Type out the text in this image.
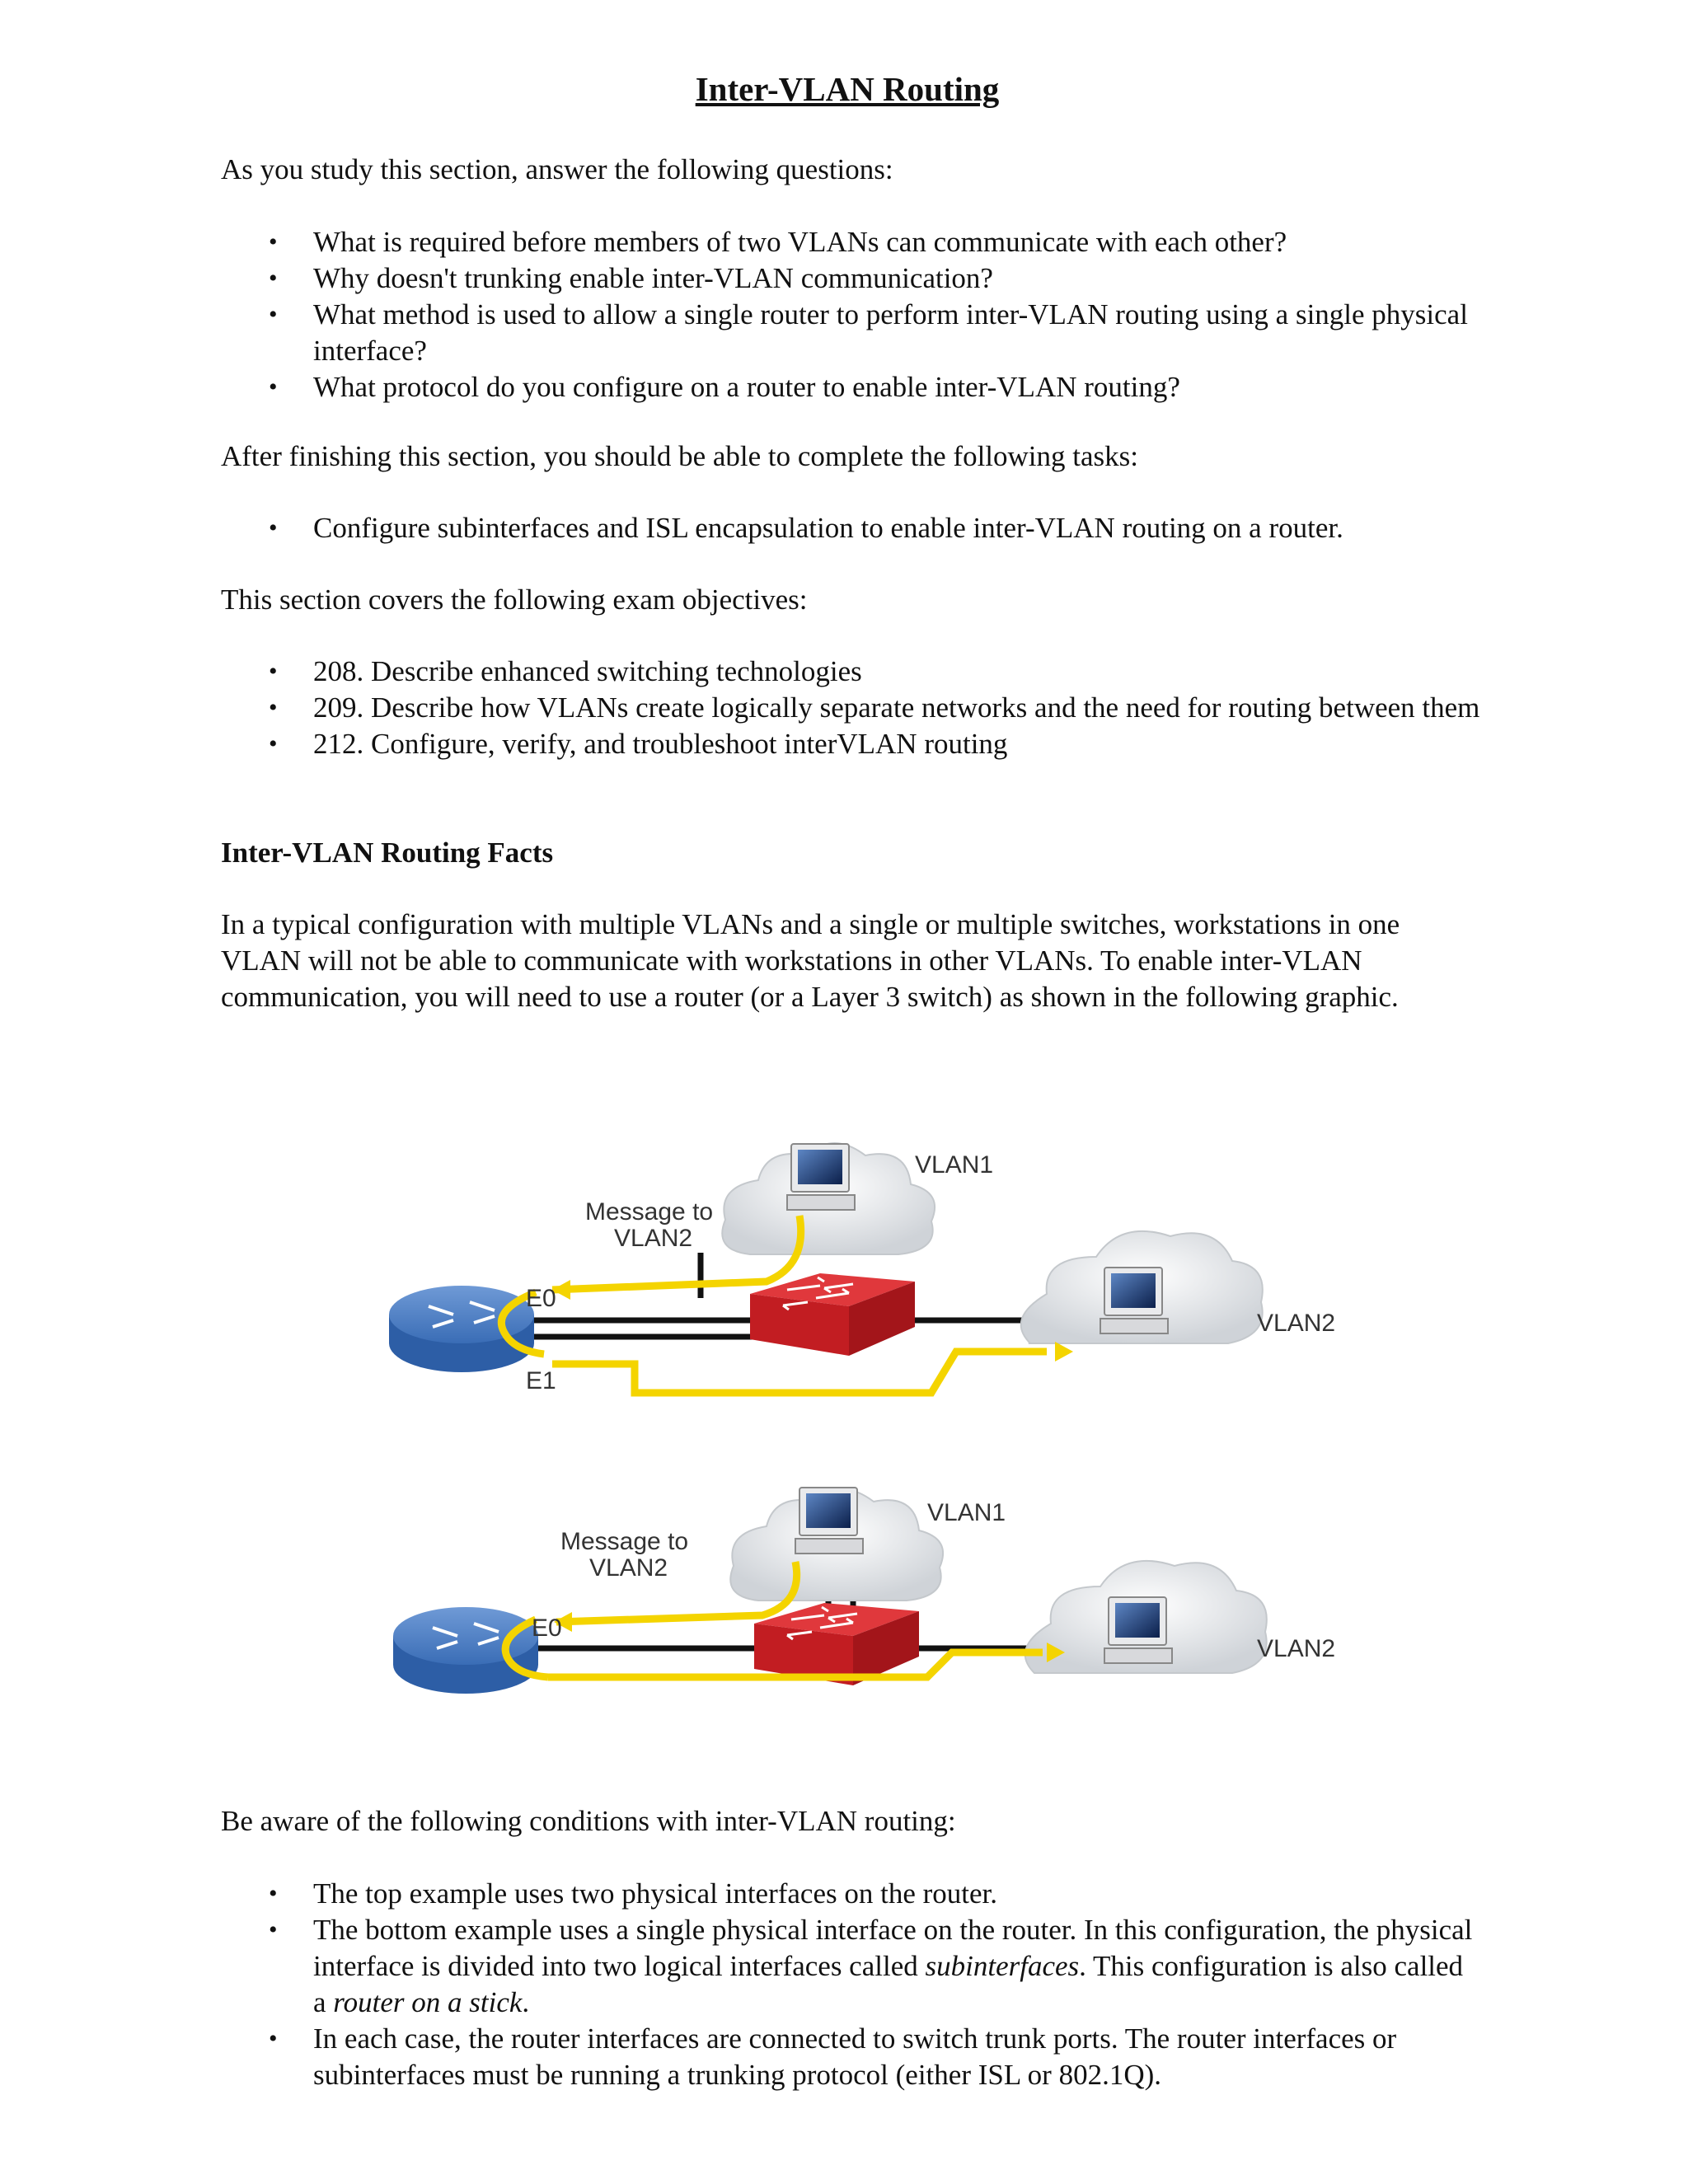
Inter-VLAN Routing

As you study this section, answer the following questions:

• What is required before members of two VLANs can communicate with each other?
• Why doesn't trunking enable inter-VLAN communication?
• What method is used to allow a single router to perform inter-VLAN routing using a single physical interface?
• What protocol do you configure on a router to enable inter-VLAN routing?

After finishing this section, you should be able to complete the following tasks:

• Configure subinterfaces and ISL encapsulation to enable inter-VLAN routing on a router.

This section covers the following exam objectives:

• 208. Describe enhanced switching technologies
• 209. Describe how VLANs create logically separate networks and the need for routing between them
• 212. Configure, verify, and troubleshoot interVLAN routing
Inter-VLAN Routing Facts

In a typical configuration with multiple VLANs and a single or multiple switches, workstations in one VLAN will not be able to communicate with workstations in other VLANs. To enable inter-VLAN communication, you will need to use a router (or a Layer 3 switch) as shown in the following graphic.

VLAN1
VLAN2
Message to
VLAN2
E0
E1
VLAN1
VLAN2
Message to
VLAN2
E0

Be aware of the following conditions with inter-VLAN routing:

• The top example uses two physical interfaces on the router.
• The bottom example uses a single physical interface on the router. In this configuration, the physical interface is divided into two logical interfaces called subinterfaces. This configuration is also called a router on a stick.
• In each case, the router interfaces are connected to switch trunk ports. The router interfaces or subinterfaces must be running a trunking protocol (either ISL or 802.1Q).
